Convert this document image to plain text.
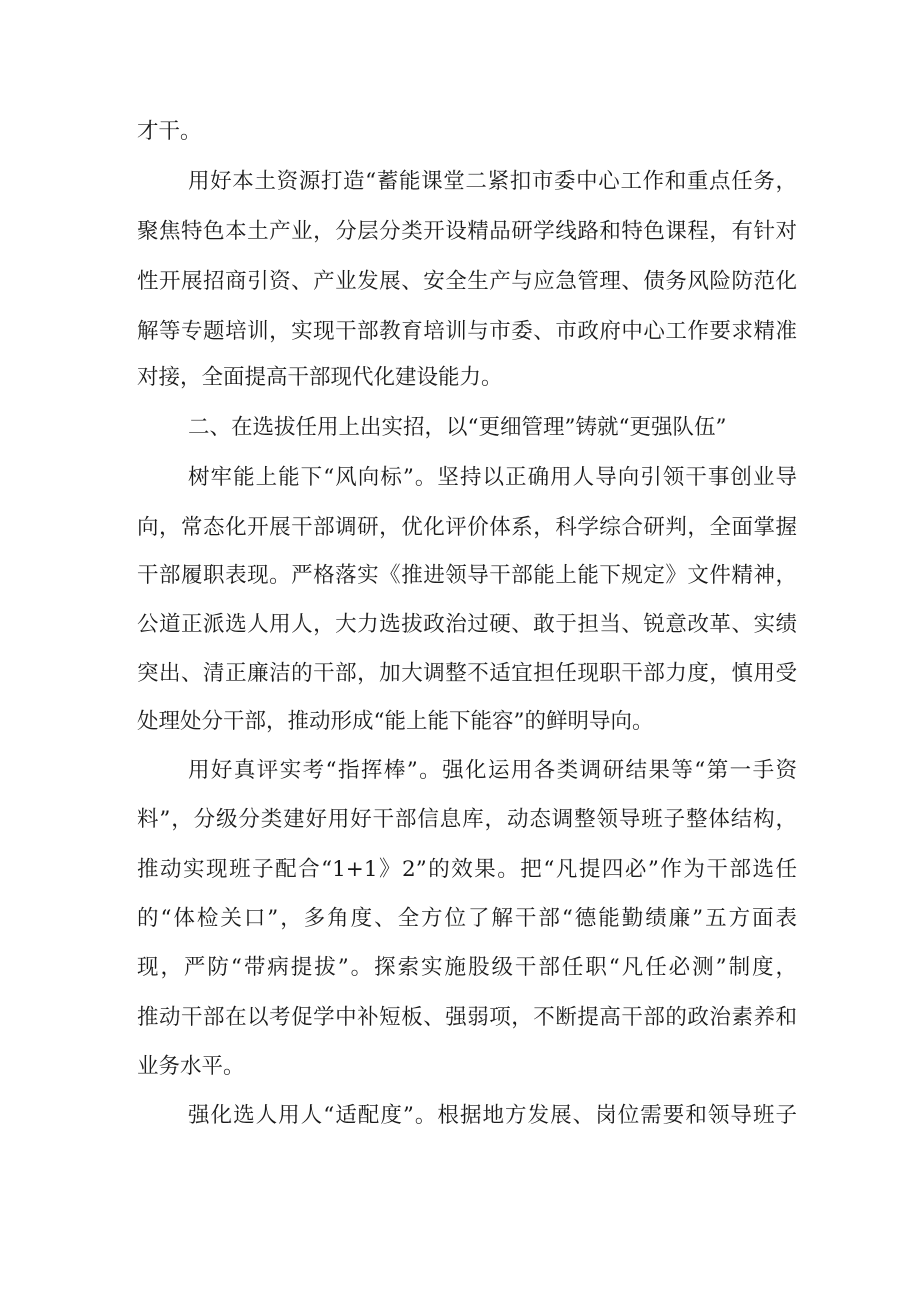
才干。
用好本土资源打造“蓄能课堂二紧扣市委中心工作和重点任务，
聚焦特色本土产业，分层分类开设精品研学线路和特色课程，有针对
性开展招商引资、产业发展、安全生产与应急管理、债务风险防范化
解等专题培训，实现干部教育培训与市委、市政府中心工作要求精准
对接，全面提高干部现代化建设能力。
二、在选拔任用上出实招，以“更细管理”铸就“更强队伍”
树牢能上能下“风向标”。坚持以正确用人导向引领干事创业导
向，常态化开展干部调研，优化评价体系，科学综合研判，全面掌握
干部履职表现。严格落实《推进领导干部能上能下规定》文件精神，
公道正派选人用人，大力选拔政治过硬、敢于担当、锐意改革、实绩
突出、清正廉洁的干部，加大调整不适宜担任现职干部力度，慎用受
处理处分干部，推动形成“能上能下能容”的鲜明导向。
用好真评实考“指挥棒”。强化运用各类调研结果等“第一手资
料”，分级分类建好用好干部信息库，动态调整领导班子整体结构，
推动实现班子配合“1+1》2”的效果。把“凡提四必”作为干部选任
的“体检关口”，多角度、全方位了解干部“德能勤绩廉”五方面表
现，严防“带病提拔”。探索实施股级干部任职“凡任必测”制度，
推动干部在以考促学中补短板、强弱项，不断提高干部的政治素养和
业务水平。
强化选人用人“适配度”。根据地方发展、岗位需要和领导班子
